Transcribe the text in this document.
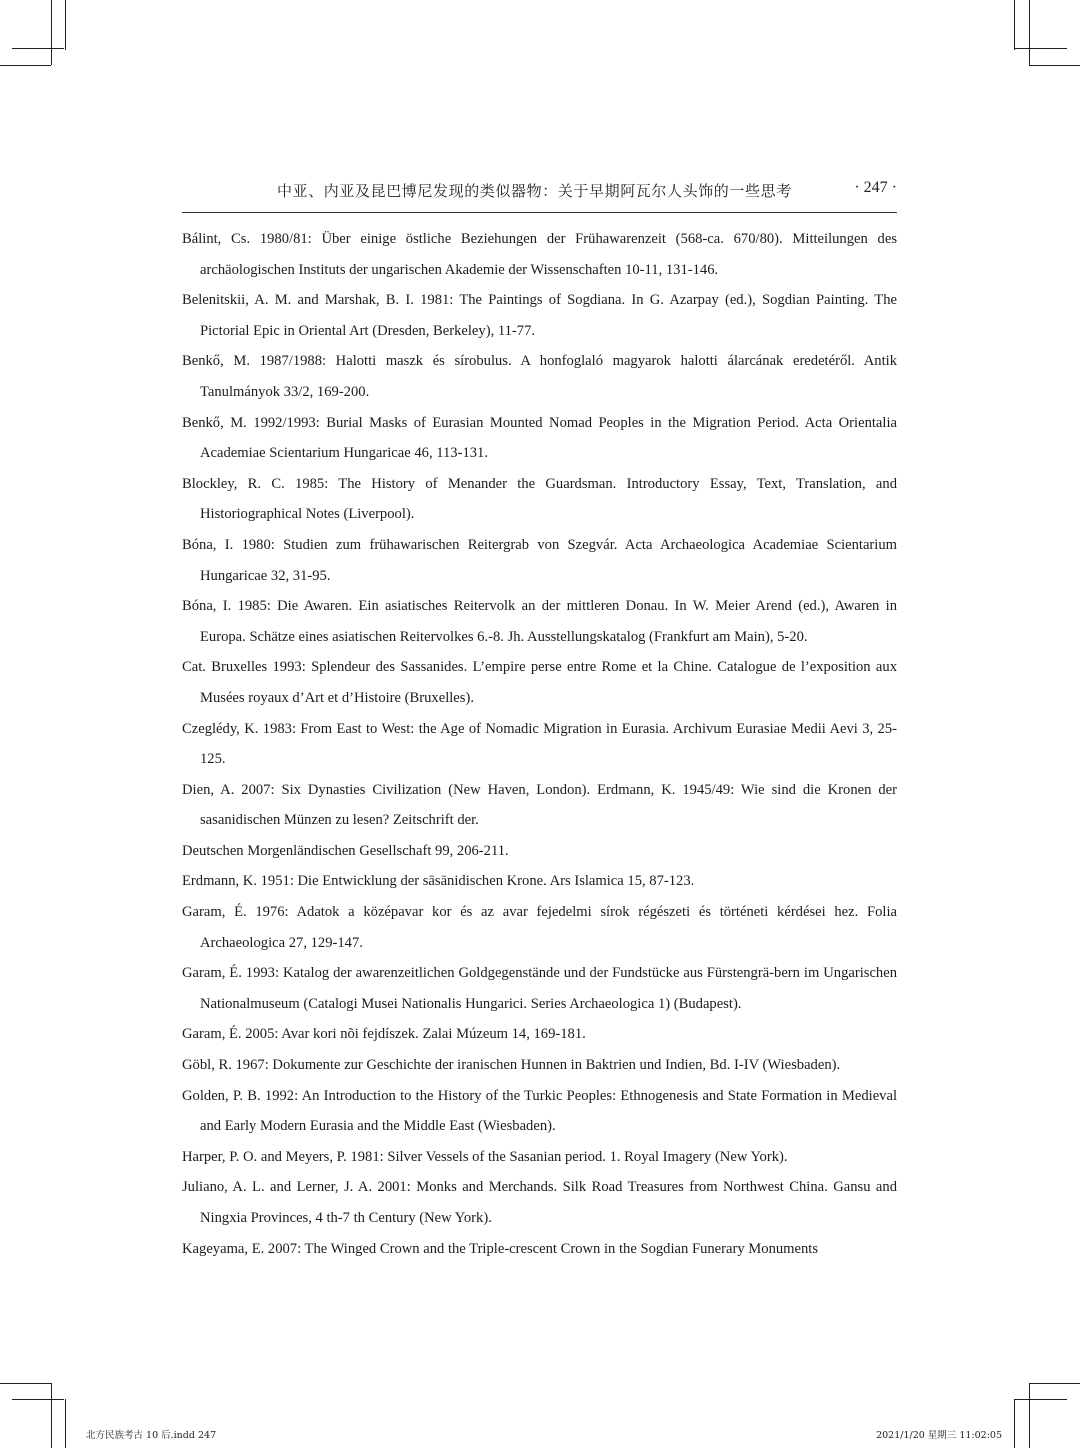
中亚、内亚及昆巴博尼发现的类似器物：关于早期阿瓦尔人头饰的一些思考	· 247 ·
Bálint, Cs. 1980/81: Über einige östliche Beziehungen der Frühawarenzeit (568-ca. 670/80). Mitteilungen des archäologischen Instituts der ungarischen Akademie der Wissenschaften 10-11, 131-146.
Belenitskii, A. M. and Marshak, B. I. 1981: The Paintings of Sogdiana. In G. Azarpay (ed.), Sogdian Painting. The Pictorial Epic in Oriental Art (Dresden, Berkeley), 11-77.
Benkő, M. 1987/1988: Halotti maszk és sírobulus. A honfoglaló magyarok halotti álarcának eredetéről. Antik Tanulmányok 33/2, 169-200.
Benkő, M. 1992/1993: Burial Masks of Eurasian Mounted Nomad Peoples in the Migration Period. Acta Orientalia Academiae Scientarium Hungaricae 46, 113-131.
Blockley, R. C. 1985: The History of Menander the Guardsman. Introductory Essay, Text, Translation, and Historiographical Notes (Liverpool).
Bóna, I. 1980: Studien zum frühawarischen Reitergrab von Szegvár. Acta Archaeologica Academiae Scientarium Hungaricae 32, 31-95.
Bóna, I. 1985: Die Awaren. Ein asiatisches Reitervolk an der mittleren Donau. In W. Meier Arend (ed.), Awaren in Europa. Schätze eines asiatischen Reitervolkes 6.-8. Jh. Ausstellungskatalog (Frankfurt am Main), 5-20.
Cat. Bruxelles 1993: Splendeur des Sassanides. L’empire perse entre Rome et la Chine. Catalogue de l’exposition aux Musées royaux d’Art et d’Histoire (Bruxelles).
Czeglédy, K. 1983: From East to West: the Age of Nomadic Migration in Eurasia. Archivum Eurasiae Medii Aevi 3, 25-125.
Dien, A. 2007: Six Dynasties Civilization (New Haven, London). Erdmann, K. 1945/49: Wie sind die Kronen der sasanidischen Münzen zu lesen? Zeitschrift der.
Deutschen Morgenländischen Gesellschaft 99, 206-211.
Erdmann, K. 1951: Die Entwicklung der sāsānidischen Krone. Ars Islamica 15, 87-123.
Garam, É. 1976: Adatok a középavar kor és az avar fejedelmi sírok régészeti és történeti kérdései hez. Folia Archaeologica 27, 129-147.
Garam, É. 1993: Katalog der awarenzeitlichen Goldgegenstände und der Fundstücke aus Fürstengrä-bern im Ungarischen Nationalmuseum (Catalogi Musei Nationalis Hungarici. Series Archaeologica 1) (Budapest).
Garam, É. 2005: Avar kori nõi fejdíszek. Zalai Múzeum 14, 169-181.
Göbl, R. 1967: Dokumente zur Geschichte der iranischen Hunnen in Baktrien und Indien, Bd. I-IV (Wiesbaden).
Golden, P. B. 1992: An Introduction to the History of the Turkic Peoples: Ethnogenesis and State Formation in Medieval and Early Modern Eurasia and the Middle East (Wiesbaden).
Harper, P. O. and Meyers, P. 1981: Silver Vessels of the Sasanian period. 1. Royal Imagery (New York).
Juliano, A. L. and Lerner, J. A. 2001: Monks and Merchands. Silk Road Treasures from Northwest China. Gansu and Ningxia Provinces, 4 th-7 th Century (New York).
Kageyama, E. 2007: The Winged Crown and the Triple-crescent Crown in the Sogdian Funerary Monuments
北方民族考古 10 后.indd 247	2021/1/20 星期三 11:02:05
